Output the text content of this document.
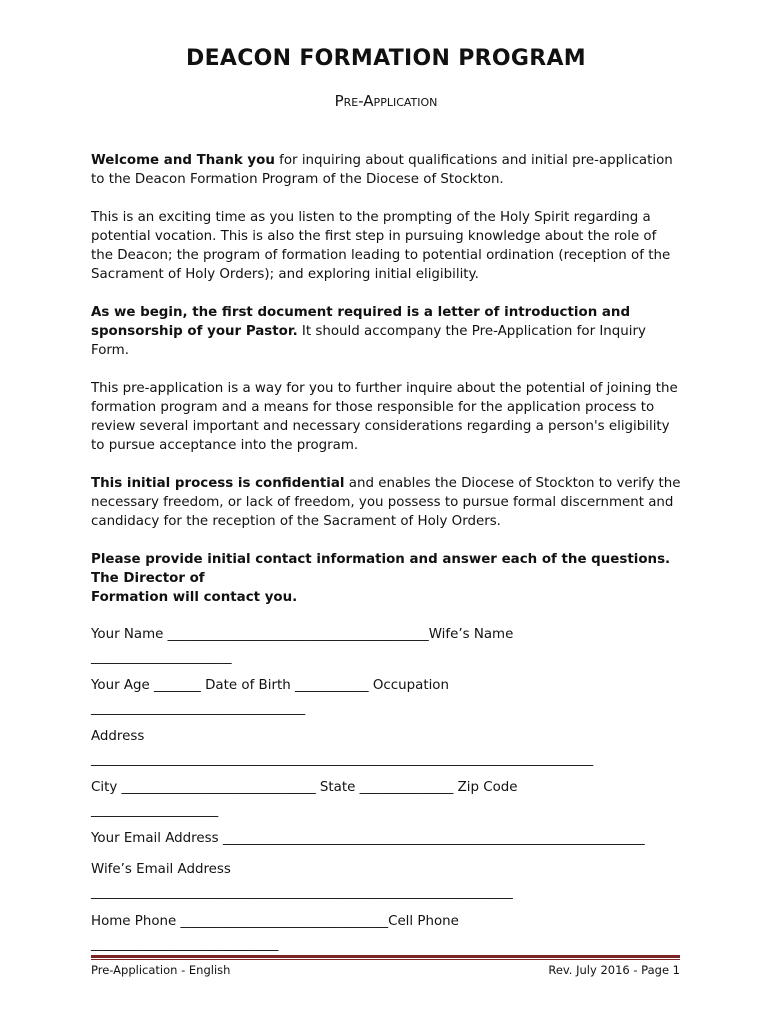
DEACON FORMATION PROGRAM
Pre-Application

Welcome and Thank you for inquiring about qualifications and initial pre-application to the Deacon Formation Program of the Diocese of Stockton.

This is an exciting time as you listen to the prompting of the Holy Spirit regarding a potential vocation. This is also the first step in pursuing knowledge about the role of the Deacon; the program of formation leading to potential ordination (reception of the Sacrament of Holy Orders); and exploring initial eligibility.

As we begin, the first document required is a letter of introduction and sponsorship of your Pastor. It should accompany the Pre-Application for Inquiry Form.

This pre-application is a way for you to further inquire about the potential of joining the formation program and a means for those responsible for the application process to review several important and necessary considerations regarding a person's eligibility to pursue acceptance into the program.

This initial process is confidential and enables the Diocese of Stockton to verify the necessary freedom, or lack of freedom, you possess to pursue formal discernment and candidacy for the reception of the Sacrament of Holy Orders.

Please provide initial contact information and answer each of the questions.
The Director of
Formation will contact you.

Your Name _______________________________________Wife’s Name
_____________________
Your Age _______ Date of Birth ___________ Occupation
________________________________
Address
___________________________________________________________________________
City _____________________________ State ______________ Zip Code
___________________
Your Email Address _______________________________________________________________
Wife’s Email Address
_______________________________________________________________
Home Phone _______________________________Cell Phone
____________________________
Pre-Application - English	Rev. July 2016 - Page 1
